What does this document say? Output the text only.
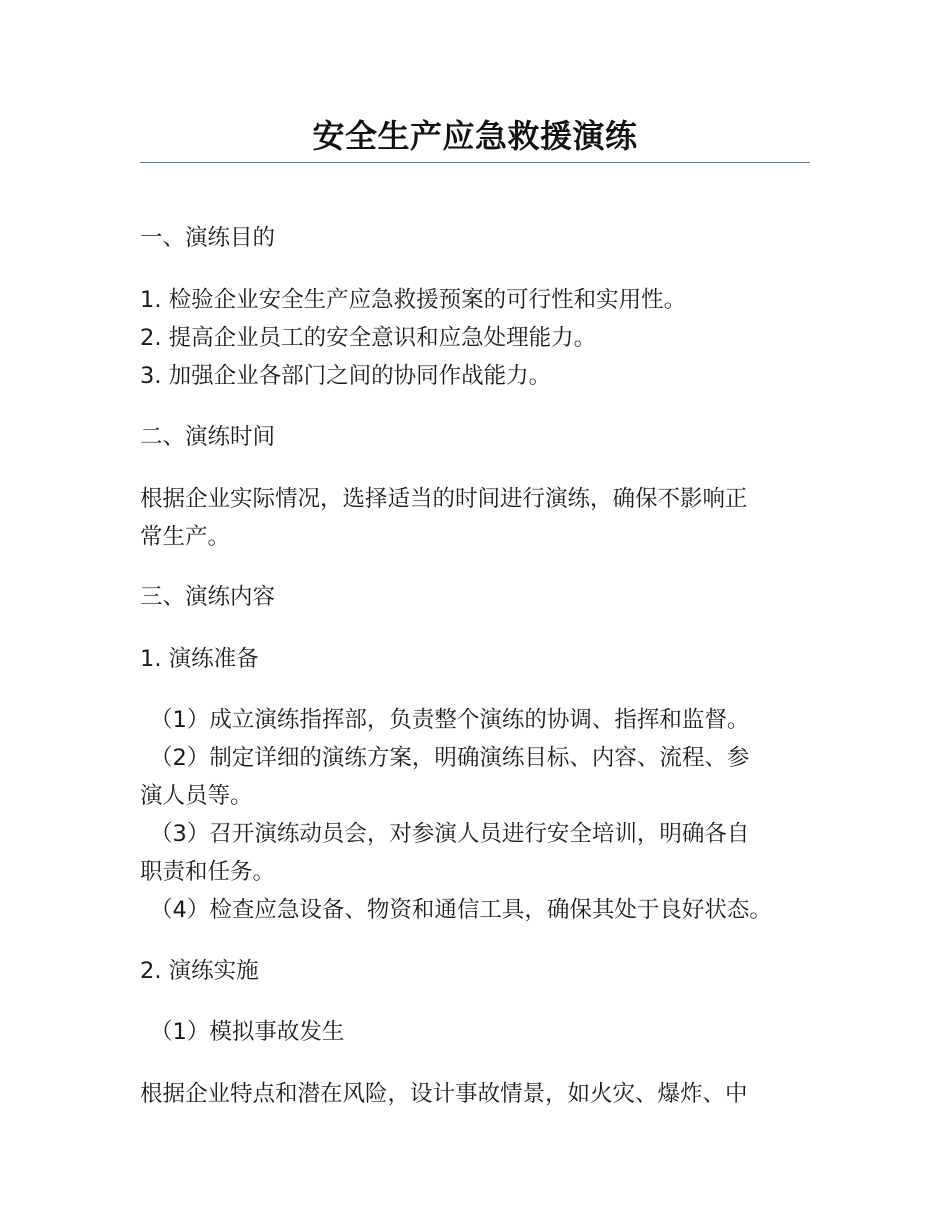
安全生产应急救援演练

一、演练目的

1. 检验企业安全生产应急救援预案的可行性和实用性。

2. 提高企业员工的安全意识和应急处理能力。

3. 加强企业各部门之间的协同作战能力。

二、演练时间

根据企业实际情况，选择适当的时间进行演练，确保不影响正

常生产。

三、演练内容

1. 演练准备

（1）成立演练指挥部，负责整个演练的协调、指挥和监督。

（2）制定详细的演练方案，明确演练目标、内容、流程、参

演人员等。

（3）召开演练动员会，对参演人员进行安全培训，明确各自

职责和任务。

（4）检查应急设备、物资和通信工具，确保其处于良好状态。

2. 演练实施

（1）模拟事故发生

根据企业特点和潜在风险，设计事故情景，如火灾、爆炸、中
